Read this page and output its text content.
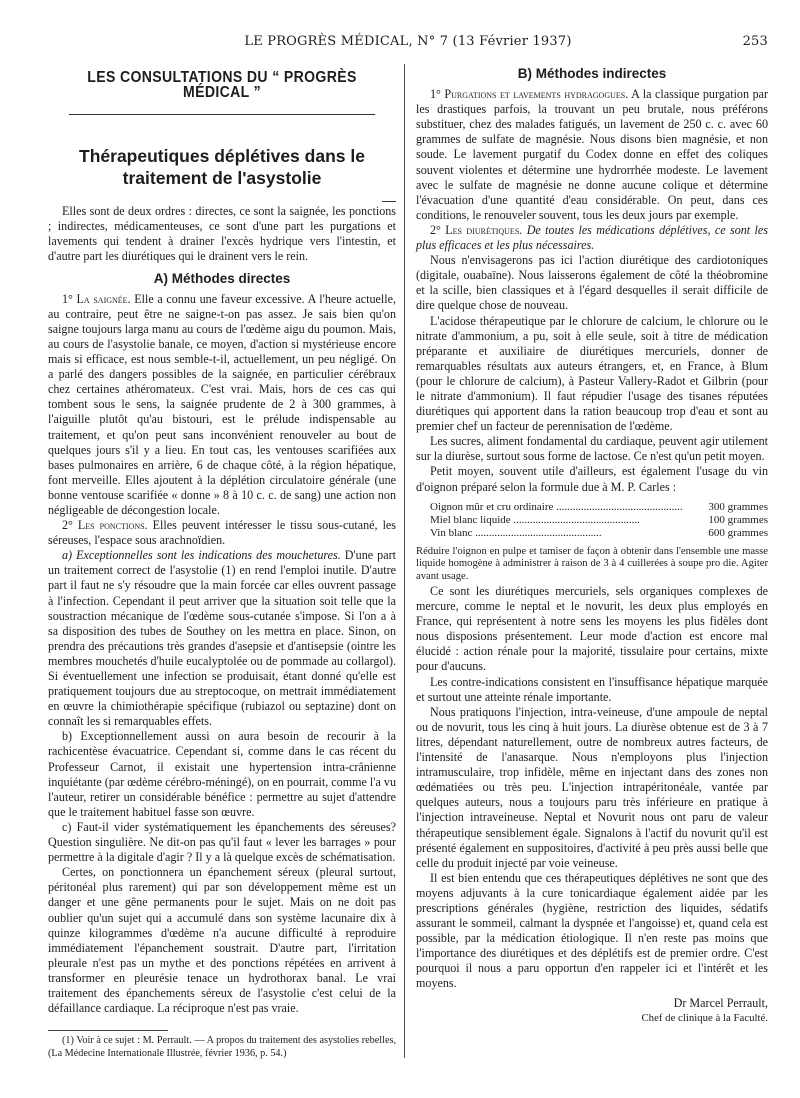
LE PROGRÈS MÉDICAL, N° 7 (13 Février 1937)	253
LES CONSULTATIONS DU “ PROGRÈS MÉDICAL ”
Thérapeutiques déplétives dans le traitement de l'asystolie

Elles sont de deux ordres : directes, ce sont la saignée, les ponctions ; indirectes, médicamenteuses, ce sont d'une part les purgations et lavements qui tendent à drainer l'excès hydrique vers l'intestin, et d'autre part les diurétiques qui le drainent vers le rein.

A) Méthodes directes

1° La saignée. Elle a connu une faveur excessive. A l'heure actuelle, au contraire, peut être ne saigne-t-on pas assez. Je sais bien qu'on saigne toujours larga manu au cours de l'œdème aigu du poumon. Mais, au cours de l'asystolie banale, ce moyen, d'action si mystérieuse encore mais si efficace, est nous semble-t-il, actuellement, un peu négligé. On a parlé des dangers possibles de la saignée, en particulier cérébraux chez certaines athéromateux. C'est vrai. Mais, hors de ces cas qui tombent sous le sens, la saignée prudente de 2 à 300 grammes, à l'aiguille plutôt qu'au bistouri, est le prélude indispensable au traitement, et qu'on peut sans inconvénient renouveler au bout de quelques jours s'il y a lieu. En tout cas, les ventouses scarifiées aux bases pulmonaires en arrière, 6 de chaque côté, à la région hépatique, font merveille. Elles ajoutent à la déplétion circulatoire générale (une bonne ventouse scarifiée « donne » 8 à 10 c. c. de sang) une action non négligeable de décongestion locale.

2° Les ponctions. Elles peuvent intéresser le tissu sous-cutané, les séreuses, l'espace sous arachnoïdien.

a) Exceptionnelles sont les indications des mouchetures. D'une part un traitement correct de l'asystolie (1) en rend l'emploi inutile. D'autre part il faut ne s'y résoudre que la main forcée car elles ouvrent passage à l'infection. Cependant il peut arriver que la situation soit telle que la soustraction mécanique de l'œdème sous-cutanée s'impose. Si l'on a à sa disposition des tubes de Southey on les mettra en place. Sinon, on prendra des précautions très grandes d'asepsie et d'antisepsie (ointre les membres mouchetés d'huile eucalyptolée ou de pommade au collargol). Si éventuellement une infection se produisait, étant donné qu'elle est pratiquement toujours due au streptocoque, on mettrait immédiatement en œuvre la chimiothérapie spécifique (rubiazol ou septazine) dont on connaît les si remarquables effets.

b) Exceptionnellement aussi on aura besoin de recourir à la rachicentèse évacuatrice. Cependant si, comme dans le cas récent du Professeur Carnot, il existait une hypertension intra-crânienne inquiétante (par œdème cérébro-méningé), on en pourrait, comme l'a vu l'auteur, retirer un considérable bénéfice : permettre au sujet d'attendre que le traitement habituel fasse son œuvre.

c) Faut-il vider systématiquement les épanchements des séreuses? Question singulière. Ne dit-on pas qu'il faut « lever les barrages » pour permettre à la digitale d'agir ? Il y a là quelque excès de schématisation.

Certes, on ponctionnera un épanchement séreux (pleural surtout, péritonéal plus rarement) qui par son développement même est un danger et une gêne permanents pour le sujet. Mais on ne doit pas oublier qu'un sujet qui a accumulé dans son système lacunaire dix à quinze kilogrammes d'œdème n'a aucune difficulté à reproduire immédiatement l'épanchement soustrait. D'autre part, l'irritation pleurale n'est pas un mythe et des ponctions répétées en arrivent à transformer en pleurésie tenace un hydrothorax banal. Le vrai traitement des épanchements séreux de l'asystolie c'est celui de la défaillance cardiaque. La réciproque n'est pas vraie.

(1) Voir à ce sujet : M. Perrault. — A propos du traitement des asystolies rebelles, (La Médecine Internationale Illustrée, février 1936, p. 54.)

B) Méthodes indirectes

1° Purgations et lavements hydragogues. A la classique purgation par les drastiques parfois, la trouvant un peu brutale, nous préférons substituer, chez des malades fatigués, un lavement de 250 c. c. avec 60 grammes de sulfate de magnésie. Nous disons bien magnésie, et non soude. Le lavement purgatif du Codex donne en effet des coliques souvent violentes et détermine une hydrorrhée modeste. Le lavement avec le sulfate de magnésie ne donne aucune colique et détermine l'évacuation d'une quantité d'eau considérable. On peut, dans ces conditions, le renouveler souvent, tous les deux jours par exemple.

2° Les diurétiques. De toutes les médications déplétives, ce sont les plus efficaces et les plus nécessaires.

Nous n'envisagerons pas ici l'action diurétique des cardiotoniques (digitale, ouabaïne). Nous laisserons également de côté la théobromine et la scille, bien classiques et à l'égard desquelles il serait difficile de dire quelque chose de nouveau.

L'acidose thérapeutique par le chlorure de calcium, le chlorure ou le nitrate d'ammonium, a pu, soit à elle seule, soit à titre de médication préparante et auxiliaire de diurétiques mercuriels, donner de remarquables résultats aux auteurs étrangers, et, en France, à Blum (pour le chlorure de calcium), à Pasteur Vallery-Radot et Gilbrin (pour le nitrate d'ammonium). Il faut répudier l'usage des tisanes réputées diurétiques qui apportent dans la ration beaucoup trop d'eau et sont au premier chef un facteur de perennisation de l'œdème.

Les sucres, aliment fondamental du cardiaque, peuvent agir utilement sur la diurèse, surtout sous forme de lactose. Ce n'est qu'un petit moyen.

Petit moyen, souvent utile d'ailleurs, est également l'usage du vin d'oignon préparé selon la formule due à M. P. Carles :

Oignon mûr et cru ordinaire ..............................................	300 grammes
Miel blanc liquide ..............................................	100 grammes
Vin blanc ..............................................	600 grammes

Réduire l'oignon en pulpe et tamiser de façon à obtenir dans l'ensemble une masse liquide homogène à administrer à raison de 3 à 4 cuillerées à soupe pro die. Agiter avant usage.

Ce sont les diurétiques mercuriels, sels organiques complexes de mercure, comme le neptal et le novurit, les deux plus employés en France, qui représentent à notre sens les moyens les plus fidèles dont nous disposions présentement. Leur mode d'action est encore mal élucidé : action rénale pour la majorité, tissulaire pour certains, mixte pour d'aucuns.

Les contre-indications consistent en l'insuffisance hépatique marquée et surtout une atteinte rénale importante.

Nous pratiquons l'injection, intra-veineuse, d'une ampoule de neptal ou de novurit, tous les cinq à huit jours. La diurèse obtenue est de 3 à 7 litres, dépendant naturellement, outre de nombreux autres facteurs, de l'intensité de l'anasarque. Nous n'employons plus l'injection intramusculaire, trop infidèle, même en injectant dans des zones non œdématiées ou très peu. L'injection intrapéritonéale, vantée par quelques auteurs, nous a toujours paru très inférieure en pratique à l'injection intraveineuse. Neptal et Novurit nous ont paru de valeur thérapeutique sensiblement égale. Signalons à l'actif du novurit qu'il est présenté également en suppositoires, d'activité à peu près aussi belle que celle du produit injecté par voie veineuse.

Il est bien entendu que ces thérapeutiques déplétives ne sont que des moyens adjuvants à la cure tonicardiaque également aidée par les prescriptions générales (hygiène, restriction des liquides, sédatifs assurant le sommeil, calmant la dyspnée et l'angoisse) et, quand cela est possible, par la médication étiologique. Il n'en reste pas moins que l'importance des diurétiques et des déplétifs est de premier ordre. C'est pourquoi il nous a paru opportun d'en rappeler ici et l'intérêt et les moyens.

Dr Marcel Perrault,
Chef de clinique à la Faculté.
